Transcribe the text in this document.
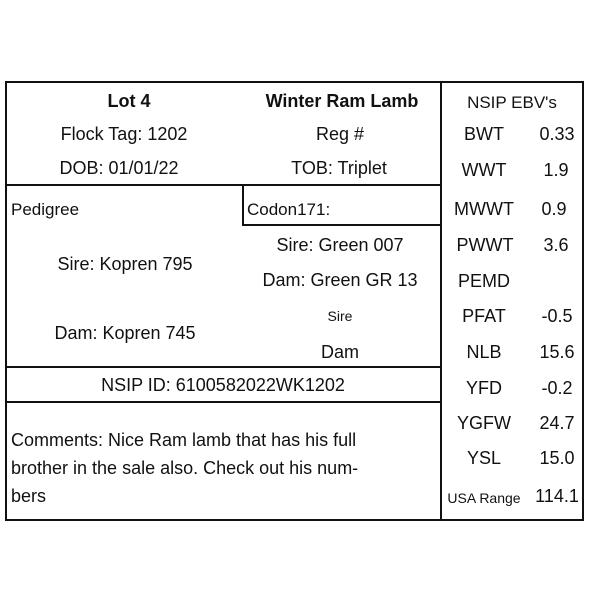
Lot 4	Winter Ram Lamb
Flock Tag: 1202	Reg #
DOB: 01/01/22	TOB: Triplet
Pedigree	Codon171:
Sire: Kopren 795
Dam: Kopren 745
Sire: Green 007
Dam: Green GR 13
Sire
Dam
NSIP ID: 6100582022WK1202
Comments: Nice Ram lamb that has his full
brother in the sale also. Check out his num-
bers
NSIP EBV's
BWT 0.33
WWT 1.9
MWWT 0.9
PWWT 3.6
PEMD
PFAT -0.5
NLB 15.6
YFD -0.2
YGFW 24.7
YSL 15.0
USA Range 114.1
